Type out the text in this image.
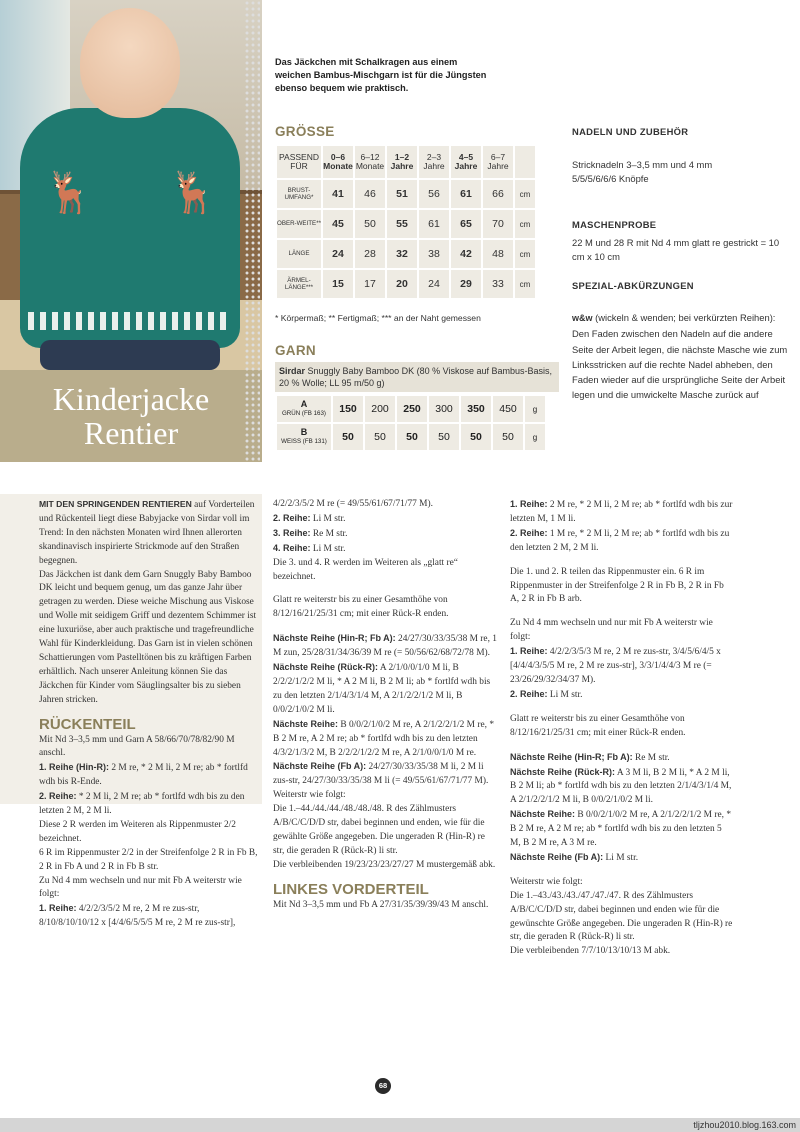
🦌 🦌
Kinderjacke
Rentier
Das Jäckchen mit Schalkragen aus einem weichen Bambus-Mischgarn ist für die Jüngsten ebenso bequem wie praktisch.
GRÖSSE
PASSEND FÜR	0–6 Monate	6–12 Monate	1–2 Jahre	2–3 Jahre	4–5 Jahre	6–7 Jahre	
BRUST-UMFANG*	41	46	51	56	61	66	cm
OBER-WEITE**	45	50	55	61	65	70	cm
LÄNGE	24	28	32	38	42	48	cm
ÄRMEL-LÄNGE***	15	17	20	24	29	33	cm
* Körpermaß; ** Fertigmaß; *** an der Naht gemessen
GARN
Sirdar Snuggly Baby Bamboo DK (80 % Viskose auf Bambus-Basis, 20 % Wolle; LL 95 m/50 g)
A
GRÜN (FB 163)	150	200	250	300	350	450	g
B
WEISS (FB 131)	50	50	50	50	50	50	g
NADELN UND ZUBEHÖR
Stricknadeln 3–3,5 mm und 4 mm
5/5/5/6/6/6 Knöpfe
MASCHENPROBE
22 M und 28 R mit Nd 4 mm glatt re gestrickt = 10 cm x 10 cm
SPEZIAL-ABKÜRZUNGEN
w&w (wickeln & wenden; bei verkürzten Reihen): Den Faden zwischen den Nadeln auf die andere Seite der Arbeit legen, die nächste Masche wie zum Linksstricken auf die rechte Nadel abheben, den Faden wieder auf die ursprüngliche Seite der Arbeit legen und die umwickelte Masche zurück auf

MIT DEN SPRINGENDEN RENTIEREN auf Vorderteilen und Rückenteil liegt diese Babyjacke von Sirdar voll im Trend: In den nächsten Monaten wird Ihnen allerorten skandinavisch inspirierte Strickmode auf den Straßen begegnen.
Das Jäckchen ist dank dem Garn Snuggly Baby Bamboo DK leicht und bequem genug, um das ganze Jahr über getragen zu werden. Diese weiche Mischung aus Viskose und Wolle mit seidigem Griff und dezentem Schimmer ist eine luxuriöse, aber auch praktische und tragefreundliche Wahl für Kinderkleidung. Das Garn ist in vielen schönen Schattierungen vom Pastelltönen bis zu kräftigen Farben erhältlich. Nach unserer Anleitung können Sie das Jäckchen für Kinder vom Säuglingsalter bis zu sieben Jahren stricken.

RÜCKENTEIL
Mit Nd 3–3,5 mm und Garn A 58/66/70/78/82/90 M anschl.
1. Reihe (Hin-R): 2 M re, * 2 M li, 2 M re; ab * fortlfd wdh bis R-Ende.
2. Reihe: * 2 M li, 2 M re; ab * fortlfd wdh bis zu den letzten 2 M, 2 M li.
Diese 2 R werden im Weiteren als Rippenmuster 2/2 bezeichnet.
6 R im Rippenmuster 2/2 in der Streifenfolge 2 R in Fb B, 2 R in Fb A und 2 R in Fb B str.
Zu Nd 4 mm wechseln und nur mit Fb A weiterstr wie folgt:
1. Reihe: 4/2/2/3/5/2 M re, 2 M re zus-str, 8/10/8/10/10/12 x [4/4/6/5/5/5 M re, 2 M re zus-str],

4/2/2/3/5/2 M re (= 49/55/61/67/71/77 M).
2. Reihe: Li M str.
3. Reihe: Re M str.
4. Reihe: Li M str.
Die 3. und 4. R werden im Weiteren als „glatt re“ bezeichnet.

Glatt re weiterstr bis zu einer Gesamthöhe von 8/12/16/21/25/31 cm; mit einer Rück-R enden.

Nächste Reihe (Hin-R; Fb A): 24/27/30/33/35/38 M re, 1 M zun, 25/28/31/34/36/39 M re (= 50/56/62/68/72/78 M).
Nächste Reihe (Rück-R): A 2/1/0/0/1/0 M li, B 2/2/2/1/2/2 M li, * A 2 M li, B 2 M li; ab * fortlfd wdh bis zu den letzten 2/1/4/3/1/4 M, A 2/1/2/2/1/2 M li, B 0/0/2/1/0/2 M li.
Nächste Reihe: B 0/0/2/1/0/2 M re, A 2/1/2/2/1/2 M re, * B 2 M re, A 2 M re; ab * fortlfd wdh bis zu den letzten 4/3/2/1/3/2 M, B 2/2/2/1/2/2 M re, A 2/1/0/0/1/0 M re.
Nächste Reihe (Fb A): 24/27/30/33/35/38 M li, 2 M li zus-str, 24/27/30/33/35/38 M li (= 49/55/61/67/71/77 M).
Weiterstr wie folgt:
Die 1.–44./44./44./48./48./48. R des Zählmusters A/B/C/C/D/D str, dabei beginnen und enden, wie für die gewählte Größe angegeben. Die ungeraden R (Hin-R) re str, die geraden R (Rück-R) li str.
Die verbleibenden 19/23/23/23/27/27 M mustergemäß abk.

LINKES VORDERTEIL
Mit Nd 3–3,5 mm und Fb A 27/31/35/39/39/43 M anschl.

1. Reihe: 2 M re, * 2 M li, 2 M re; ab * fortlfd wdh bis zur letzten M, 1 M li.
2. Reihe: 1 M re, * 2 M li, 2 M re; ab * fortlfd wdh bis zu den letzten 2 M, 2 M li.

Die 1. und 2. R teilen das Rippenmuster ein. 6 R im Rippenmuster in der Streifenfolge 2 R in Fb B, 2 R in Fb A, 2 R in Fb B arb.

Zu Nd 4 mm wechseln und nur mit Fb A weiterstr wie folgt:
1. Reihe: 4/2/2/3/5/3 M re, 2 M re zus-str, 3/4/5/6/4/5 x [4/4/4/3/5/5 M re, 2 M re zus-str], 3/3/1/4/4/3 M re (= 23/26/29/32/34/37 M).
2. Reihe: Li M str.

Glatt re weiterstr bis zu einer Gesamthöhe von 8/12/16/21/25/31 cm; mit einer Rück-R enden.

Nächste Reihe (Hin-R; Fb A): Re M str.
Nächste Reihe (Rück-R): A 3 M li, B 2 M li, * A 2 M li, B 2 M li; ab * fortlfd wdh bis zu den letzten 2/1/4/3/1/4 M, A 2/1/2/2/1/2 M li, B 0/0/2/1/0/2 M li.
Nächste Reihe: B 0/0/2/1/0/2 M re, A 2/1/2/2/1/2 M re, * B 2 M re, A 2 M re; ab * fortlfd wdh bis zu den letzten 5 M, B 2 M re, A 3 M re.
Nächste Reihe (Fb A): Li M str.

Weiterstr wie folgt:
Die 1.–43./43./43./47./47./47. R des Zählmusters A/B/C/C/D/D str, dabei beginnen und enden wie für die gewünschte Größe angegeben. Die ungeraden R (Hin-R) re str, die geraden R (Rück-R) li str.
Die verbleibenden 7/7/10/13/10/13 M abk.

68
tljzhou2010.blog.163.com
